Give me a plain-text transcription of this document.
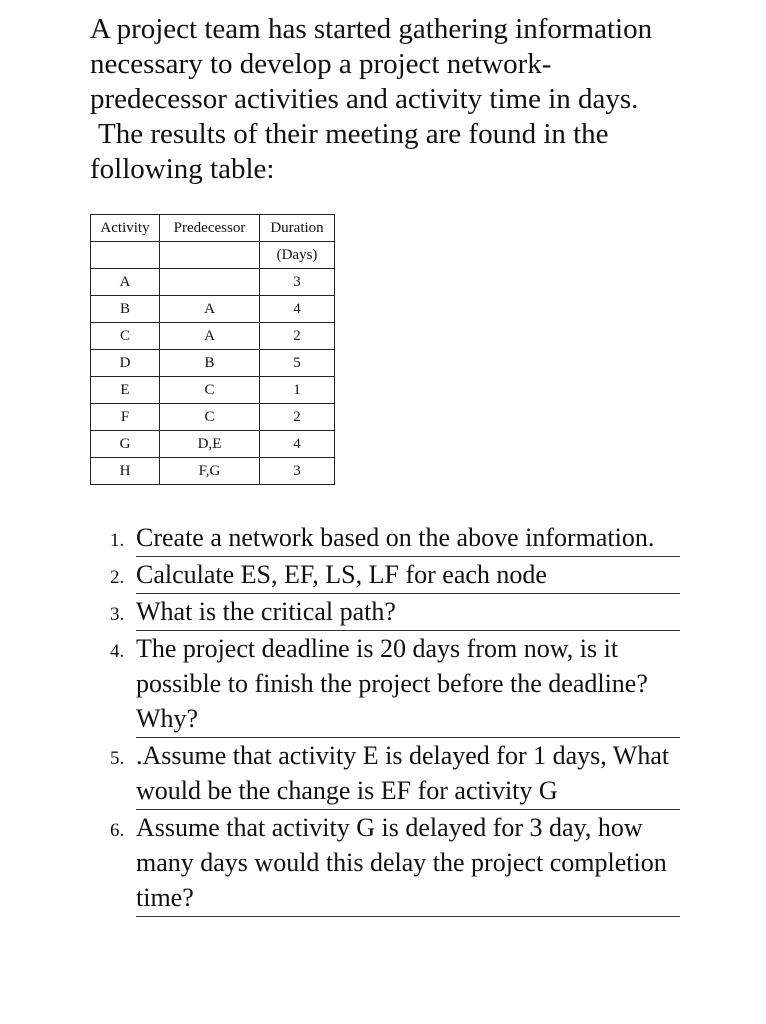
A project team has started gathering information
necessary to develop a project network-
predecessor activities and activity time in days.
The results of their meeting are found in the
following table:
Activity	Predecessor	Duration
		(Days)
A		3
B	A	4
C	A	2
D	B	5
E	C	1
F	C	2
G	D,E	4
H	F,G	3
1. Create a network based on the above information.
2. Calculate ES, EF, LS, LF for each node
3. What is the critical path?
4. The project deadline is 20 days from now, is it possible to finish the project before the deadline? Why?
5. .Assume that activity E is delayed for 1 days, What would be the change is EF for activity G
6. Assume that activity G is delayed for 3 day, how many days would this delay the project completion time?
